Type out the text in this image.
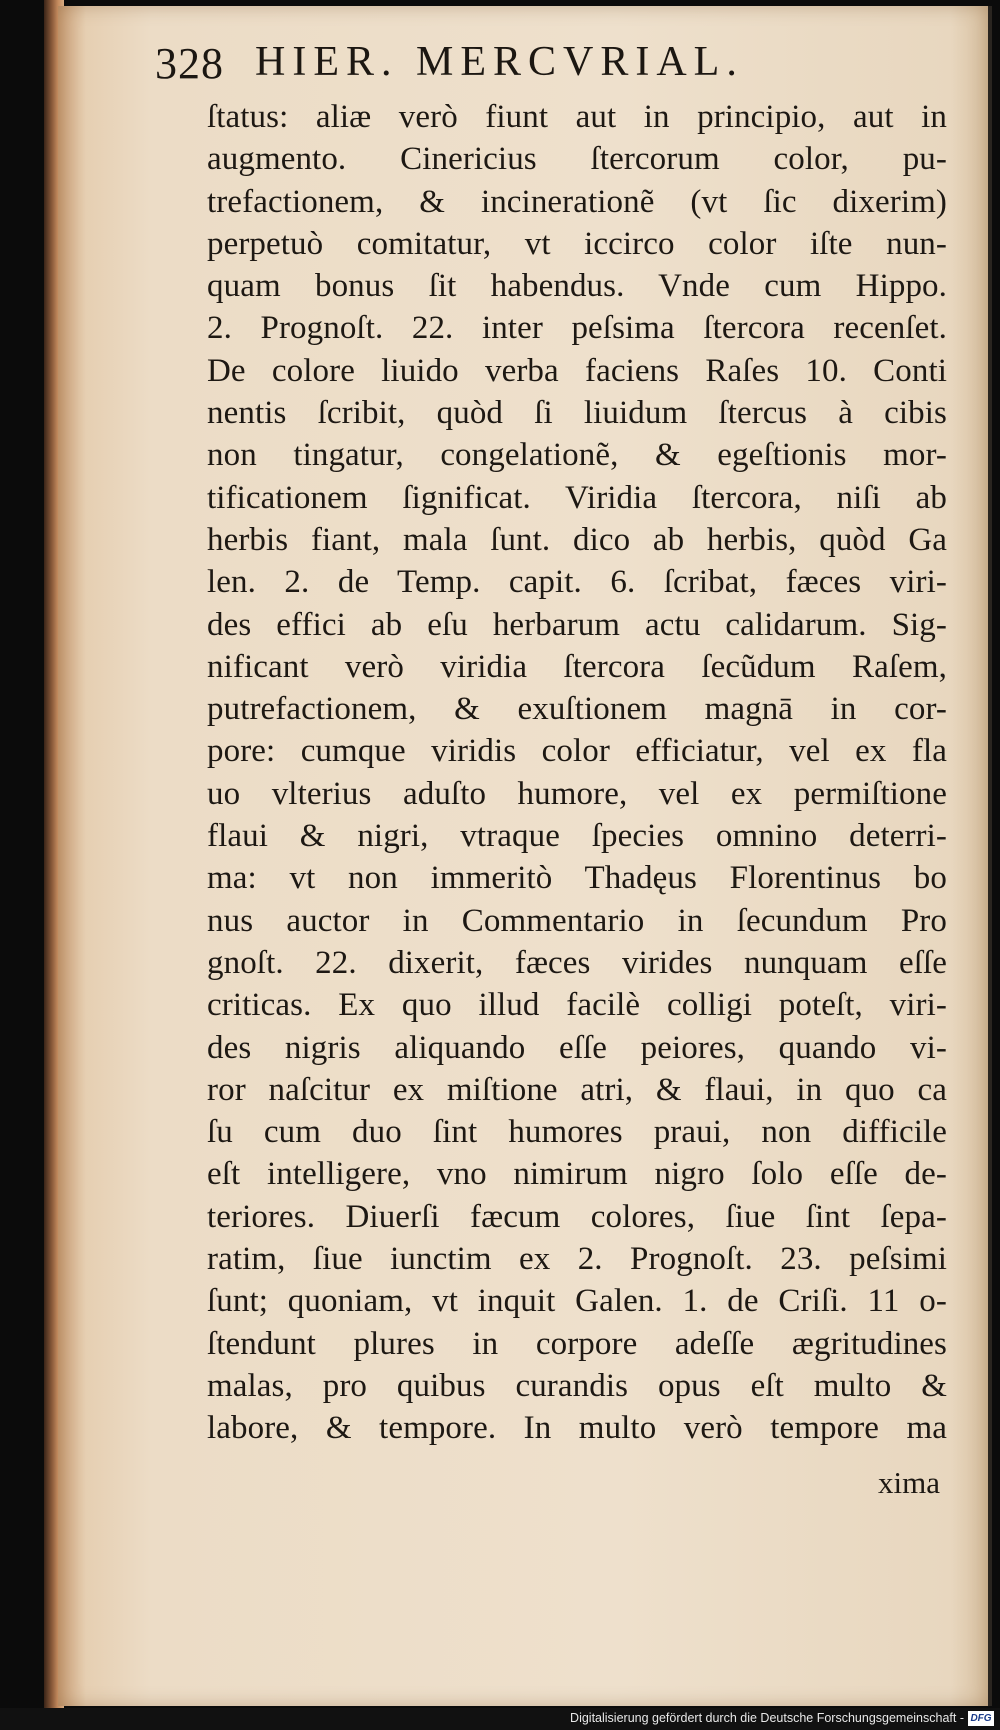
328 HIER. MERCVRIAL.
ſtatus: aliæ verò fiunt aut in principio, aut in
augmento. Cinericius ſtercorum color, pu-
trefactionem, & incinerationẽ (vt ſic dixerim)
perpetuò comitatur, vt iccirco color iſte nun-
quam bonus ſit habendus. Vnde cum Hippo.
2. Prognoſt. 22. inter peſsima ſtercora recenſet.
De colore liuido verba faciens Raſes 10. Conti
nentis ſcribit, quòd ſi liuidum ſtercus à cibis
non tingatur, congelationẽ, & egeſtionis mor-
tificationem ſignificat. Viridia ſtercora, niſi ab
herbis fiant, mala ſunt. dico ab herbis, quòd Ga
len. 2. de Temp. capit. 6. ſcribat, fæces viri-
des effici ab eſu herbarum actu calidarum. Sig-
nificant verò viridia ſtercora ſecũdum Raſem,
putrefactionem, & exuſtionem magnā in cor-
pore: cumque viridis color efficiatur, vel ex fla
uo vlterius aduſto humore, vel ex permiſtione
flaui & nigri, vtraque ſpecies omnino deterri-
ma: vt non immeritò Thadęus Florentinus bo
nus auctor in Commentario in ſecundum Pro
gnoſt. 22. dixerit, fæces virides nunquam eſſe
criticas. Ex quo illud facilè colligi poteſt, viri-
des nigris aliquando eſſe peiores, quando vi-
ror naſcitur ex miſtione atri, & flaui, in quo ca
ſu cum duo ſint humores praui, non difficile
eſt intelligere, vno nimirum nigro ſolo eſſe de-
teriores. Diuerſi fæcum colores, ſiue ſint ſepa-
ratim, ſiue iunctim ex 2. Prognoſt. 23. peſsimi
ſunt; quoniam, vt inquit Galen. 1. de Criſi. 11 o-
ſtendunt plures in corpore adeſſe ægritudines
malas, pro quibus curandis opus eſt multo &
labore, & tempore. In multo verò tempore ma
xima
Digitalisierung gefördert durch die Deutsche Forschungsgemeinschaft - DFG
